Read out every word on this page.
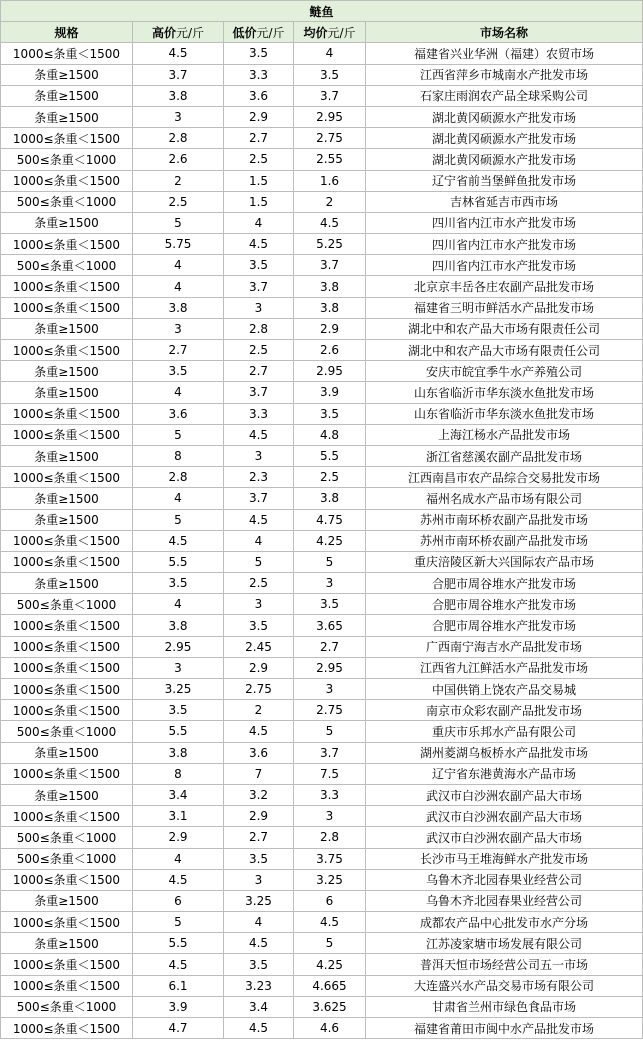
鲢鱼				
规格	高价元/斤	低价元/斤	均价元/斤	市场名称
1000≤条重＜1500	4.5	3.5	4	福建省兴业华洲（福建）农贸市场
条重≥1500	3.7	3.3	3.5	江西省萍乡市城南水产批发市场
条重≥1500	3.8	3.6	3.7	石家庄雨润农产品全球采购公司
条重≥1500	3	2.9	2.95	湖北黄冈硕源水产批发市场
1000≤条重＜1500	2.8	2.7	2.75	湖北黄冈硕源水产批发市场
500≤条重＜1000	2.6	2.5	2.55	湖北黄冈硕源水产批发市场
1000≤条重＜1500	2	1.5	1.6	辽宁省前当堡鲜鱼批发市场
500≤条重＜1000	2.5	1.5	2	吉林省延吉市西市场
条重≥1500	5	4	4.5	四川省内江市水产批发市场
1000≤条重＜1500	5.75	4.5	5.25	四川省内江市水产批发市场
500≤条重＜1000	4	3.5	3.7	四川省内江市水产批发市场
1000≤条重＜1500	4	3.7	3.8	北京京丰岳各庄农副产品批发市场
1000≤条重＜1500	3.8	3	3.8	福建省三明市鲜活水产品批发市场
条重≥1500	3	2.8	2.9	湖北中和农产品大市场有限责任公司
1000≤条重＜1500	2.7	2.5	2.6	湖北中和农产品大市场有限责任公司
条重≥1500	3.5	2.7	2.95	安庆市皖宜季牛水产养殖公司
条重≥1500	4	3.7	3.9	山东省临沂市华东淡水鱼批发市场
1000≤条重＜1500	3.6	3.3	3.5	山东省临沂市华东淡水鱼批发市场
1000≤条重＜1500	5	4.5	4.8	上海江杨水产品批发市场
条重≥1500	8	3	5.5	浙江省慈溪农副产品批发市场
1000≤条重＜1500	2.8	2.3	2.5	江西南昌市农产品综合交易批发市场
条重≥1500	4	3.7	3.8	福州名成水产品市场有限公司
条重≥1500	5	4.5	4.75	苏州市南环桥农副产品批发市场
1000≤条重＜1500	4.5	4	4.25	苏州市南环桥农副产品批发市场
1000≤条重＜1500	5.5	5	5	重庆涪陵区新大兴国际农产品市场
条重≥1500	3.5	2.5	3	合肥市周谷堆水产批发市场
500≤条重＜1000	4	3	3.5	合肥市周谷堆水产批发市场
1000≤条重＜1500	3.8	3.5	3.65	合肥市周谷堆水产批发市场
1000≤条重＜1500	2.95	2.45	2.7	广西南宁海吉水产品批发市场
1000≤条重＜1500	3	2.9	2.95	江西省九江鲜活水产品批发市场
1000≤条重＜1500	3.25	2.75	3	中国供销上饶农产品交易城
1000≤条重＜1500	3.5	2	2.75	南京市众彩农副产品批发市场
500≤条重＜1000	5.5	4.5	5	重庆市乐邦水产品有限公司
条重≥1500	3.8	3.6	3.7	湖州菱湖乌板桥水产品批发市场
1000≤条重＜1500	8	7	7.5	辽宁省东港黄海水产品市场
条重≥1500	3.4	3.2	3.3	武汉市白沙洲农副产品大市场
1000≤条重＜1500	3.1	2.9	3	武汉市白沙洲农副产品大市场
500≤条重＜1000	2.9	2.7	2.8	武汉市白沙洲农副产品大市场
500≤条重＜1000	4	3.5	3.75	长沙市马王堆海鲜水产批发市场
1000≤条重＜1500	4.5	3	3.25	乌鲁木齐北园春果业经营公司
条重≥1500	6	3.25	6	乌鲁木齐北园春果业经营公司
1000≤条重＜1500	5	4	4.5	成都农产品中心批发市水产分场
条重≥1500	5.5	4.5	5	江苏凌家塘市场发展有限公司
1000≤条重＜1500	4.5	3.5	4.25	普洱天恒市场经营公司五一市场
1000≤条重＜1500	6.1	3.23	4.665	大连盛兴水产品交易市场有限公司
500≤条重＜1000	3.9	3.4	3.625	甘肃省兰州市绿色食品市场
1000≤条重＜1500	4.7	4.5	4.6	福建省莆田市闽中水产品批发市场
